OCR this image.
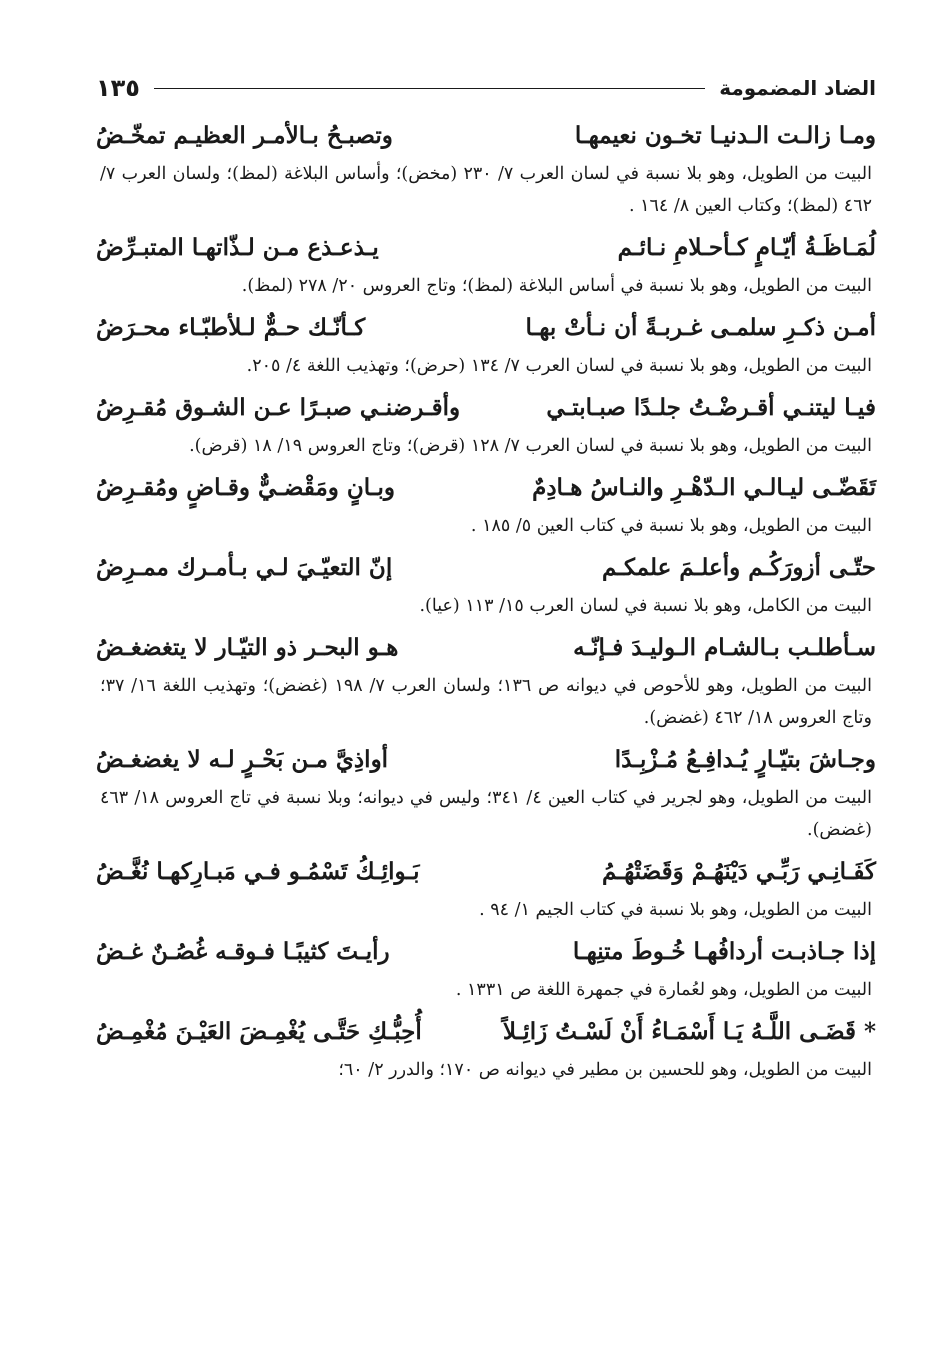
الضاد المضمومة
١٣٥
ومـا زالـت الـدنيـا تخـون نعيمهـا
وتصبـحُ بـالأمـر العظيـم تمخّـضُ
البيت من الطويل، وهو بلا نسبة في لسان العرب ٧/ ٢٣٠ (مخض)؛ وأساس البلاغة (لمظ)؛ ولسان العرب ٧/ ٤٦٢ (لمظ)؛ وكتاب العين ٨/ ١٦٤ .
لُمَـاظَـةُ أيّـامٍ كـأحـلامِ نـائـم
يـذعـذع مـن لـذّاتهـا المتبـرِّضُ
البيت من الطويل، وهو بلا نسبة في أساس البلاغة (لمظ)؛ وتاج العروس ٢٠/ ٢٧٨ (لمظ).
أمـن ذكـرِ سلمـى غـربـةً أن نـأتْ بهـا
كـأنّـك حـمٌّ لـلأطبّـاء محـرَضُ
البيت من الطويل، وهو بلا نسبة في لسان العرب ٧/ ١٣٤ (حرض)؛ وتهذيب اللغة ٤/ ٢٠٥.
فيـا ليتنـي أقـرضْـتُ جلـدًا صبـابتـي
وأقـرضنـي صبـرًا عـن الشـوق مُقـرِضُ
البيت من الطويل، وهو بلا نسبة في لسان العرب ٧/ ١٢٨ (قرض)؛ وتاج العروس ١٩/ ١٨ (قرض).
تَقَضّـى ليـالـي الـدّهْـرِ والنـاسُ هـادِمٌ
وبـانٍ ومَقْضـيٌّ وقـاضٍ ومُقـرِضُ
البيت من الطويل، وهو بلا نسبة في كتاب العين ٥/ ١٨٥ .
حتّـى أزورَكُـم وأعلـمَ علمكـم
إنّ التعيّـيَ لـي بـأمـرك ممـرِضُ
البيت من الكامل، وهو بلا نسبة في لسان العرب ١٥/ ١١٣ (عيا).
سـأطلـب بـالشـام الـوليـدَ فـإنّـه
هـو البحـر ذو التيّـار لا يتغضغـضُ
البيت من الطويل، وهو للأحوص في ديوانه ص ١٣٦؛ ولسان العرب ٧/ ١٩٨ (غضض)؛ وتهذيب اللغة ١٦/ ٣٧؛ وتاج العروس ١٨/ ٤٦٢ (غضض).
وجـاشَ بتيّـارٍ يُـدافِـعُ مُـزْبِـدًا
أواذِيَّ مـن بَحْـرٍ لـه لا يغضغـضُ
البيت من الطويل، وهو لجرير في كتاب العين ٤/ ٣٤١؛ وليس في ديوانه؛ وبلا نسبة في تاج العروس ١٨/ ٤٦٣ (غضض).
كَفَـانِـي رَبِّـي دَيْنَهُـمْ وَقَضَتْهُـمُ
بَـوائِـكُ تَسْمُـو فـي مَبـارِكهـا نُغَّـضُ
البيت من الطويل، وهو بلا نسبة في كتاب الجيم ١/ ٩٤ .
إذا جـاذبـت أردافُهـا خُـوطَ متنِهـا
رأيـتَ كثيبًـا فـوقـه غُصُـنٌ غـضُ
البيت من الطويل، وهو لعُمارة في جمهرة اللغة ص ١٣٣١ .
* قَضَـى اللَّـهُ يَـا أَسْمَـاءُ أَنْ لَسْـتُ زَائِـلاً
أُحِبُّـكِ حَتَّـى يُغْمِـضَ العَيْـنَ مُغْمِـضُ
البيت من الطويل، وهو للحسين بن مطير في ديوانه ص ١٧٠؛ والدرر ٢/ ٦٠؛
